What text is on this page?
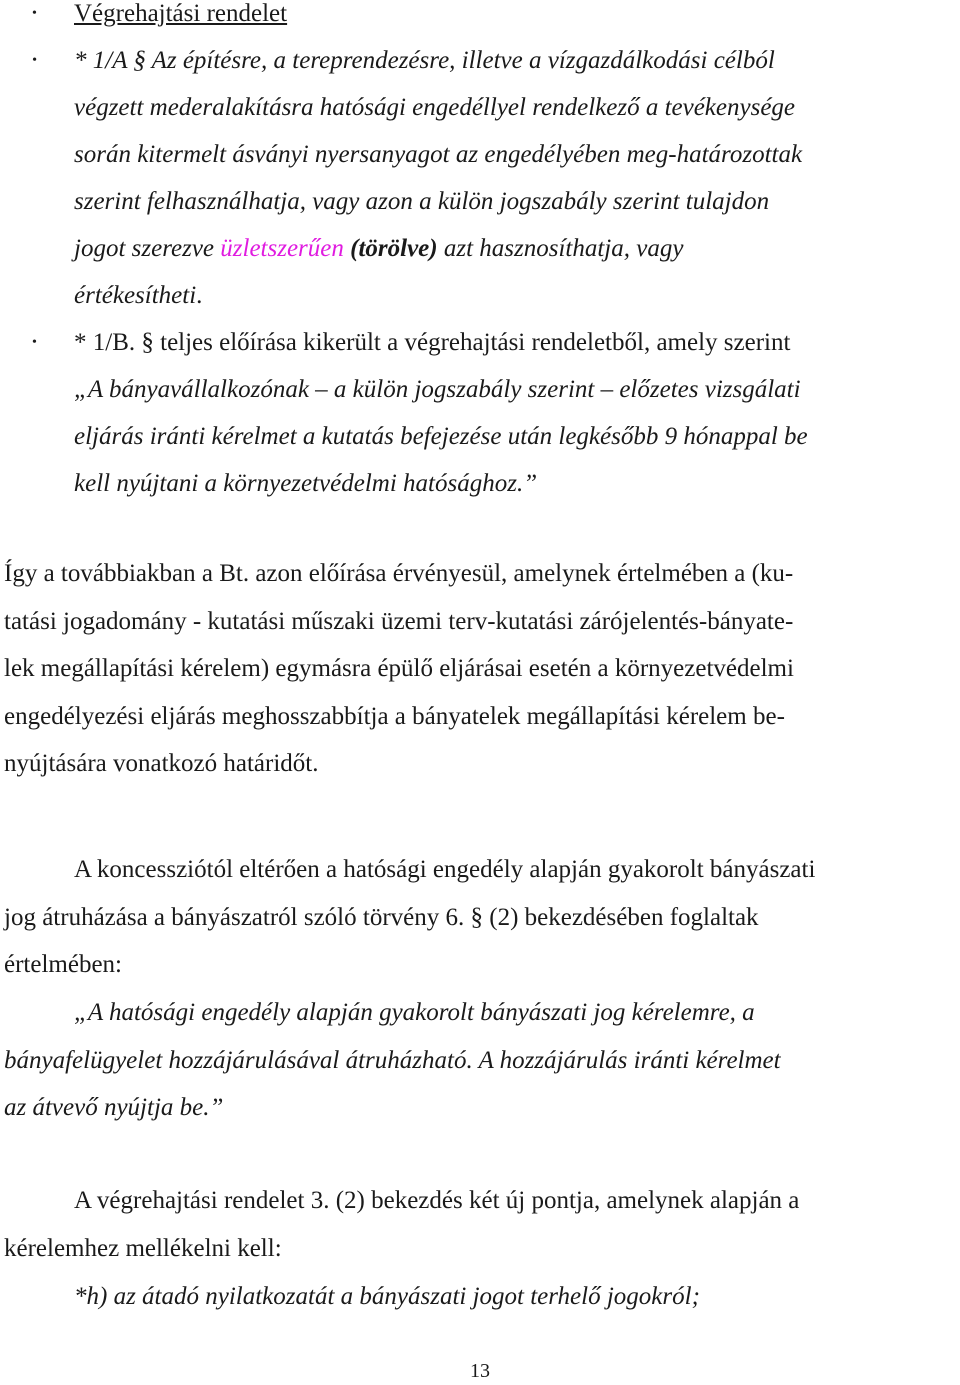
• Végrehajtási rendelet
• * 1/A § Az építésre, a tereprendezésre, illetve a vízgazdálkodási célból
végzett mederalakításra hatósági engedéllyel rendelkező a tevékenysége
során kitermelt ásványi nyersanyagot az engedélyében meg-határozottak
szerint felhasználhatja, vagy azon a külön jogszabály szerint tulajdon
jogot szerezve üzletszerűen (törölve) azt hasznosíthatja, vagy
értékesítheti.
• * 1/B. § teljes előírása kikerült a végrehajtási rendeletből, amely szerint
„A bányavállalkozónak – a külön jogszabály szerint – előzetes vizsgálati
eljárás iránti kérelmet a kutatás befejezése után legkésőbb 9 hónappal be
kell nyújtani a környezetvédelmi hatósághoz.”
Így a továbbiakban a Bt. azon előírása érvényesül, amelynek értelmében a (ku-
tatási jogadomány - kutatási műszaki üzemi terv-kutatási zárójelentés-bányate-
lek megállapítási kérelem) egymásra épülő eljárásai esetén a környezetvédelmi
engedélyezési eljárás meghosszabbítja a bányatelek megállapítási kérelem be-
nyújtására vonatkozó határidőt.
A koncessziótól eltérően a hatósági engedély alapján gyakorolt bányászati
jog átruházása a bányászatról szóló törvény 6. § (2) bekezdésében foglaltak
értelmében:
„A hatósági engedély alapján gyakorolt bányászati jog kérelemre, a
bányafelügyelet hozzájárulásával átruházható. A hozzájárulás iránti kérelmet
az átvevő nyújtja be.”
A végrehajtási rendelet 3. (2) bekezdés két új pontja, amelynek alapján a
kérelemhez mellékelni kell:
*h) az átadó nyilatkozatát a bányászati jogot terhelő jogokról;
13
